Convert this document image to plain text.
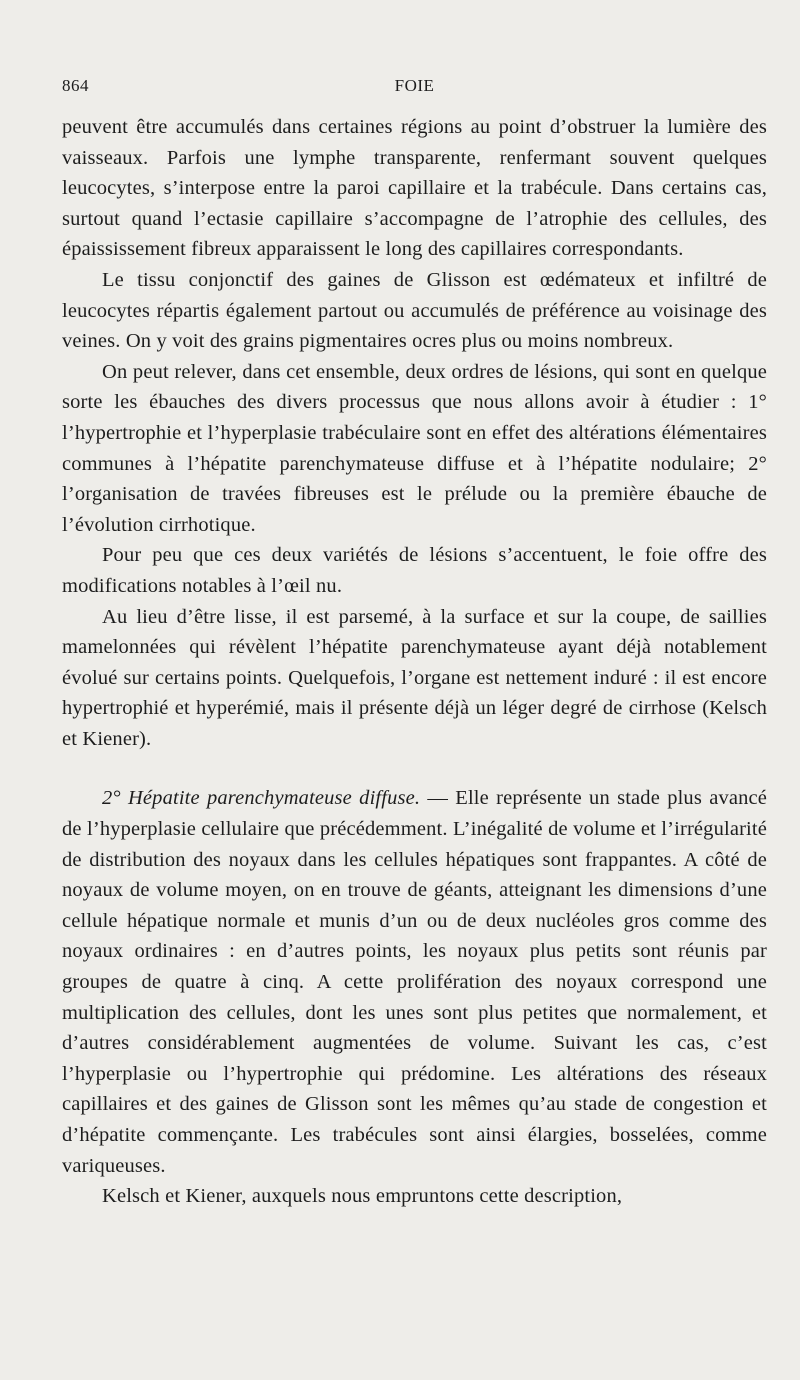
864	FOIE

peuvent être accumulés dans certaines régions au point d’obstruer la lumière des vaisseaux. Parfois une lymphe transparente, renfermant souvent quelques leucocytes, s’interpose entre la paroi capillaire et la trabécule. Dans certains cas, surtout quand l’ectasie capillaire s’accompagne de l’atrophie des cellules, des épaississement fibreux apparaissent le long des capillaires correspondants.

Le tissu conjonctif des gaines de Glisson est œdémateux et infiltré de leucocytes répartis également partout ou accumulés de préférence au voisinage des veines. On y voit des grains pigmentaires ocres plus ou moins nombreux.

On peut relever, dans cet ensemble, deux ordres de lésions, qui sont en quelque sorte les ébauches des divers processus que nous allons avoir à étudier : 1° l’hypertrophie et l’hyperplasie trabéculaire sont en effet des altérations élémentaires communes à l’hépatite parenchymateuse diffuse et à l’hépatite nodulaire; 2° l’organisation de travées fibreuses est le prélude ou la première ébauche de l’évolution cirrhotique.

Pour peu que ces deux variétés de lésions s’accentuent, le foie offre des modifications notables à l’œil nu.

Au lieu d’être lisse, il est parsemé, à la surface et sur la coupe, de saillies mamelonnées qui révèlent l’hépatite parenchymateuse ayant déjà notablement évolué sur certains points. Quelquefois, l’organe est nettement induré : il est encore hypertrophié et hyperémié, mais il présente déjà un léger degré de cirrhose (Kelsch et Kiener).

2° Hépatite parenchymateuse diffuse. — Elle représente un stade plus avancé de l’hyperplasie cellulaire que précédemment. L’inégalité de volume et l’irrégularité de distribution des noyaux dans les cellules hépatiques sont frappantes. A côté de noyaux de volume moyen, on en trouve de géants, atteignant les dimensions d’une cellule hépatique normale et munis d’un ou de deux nucléoles gros comme des noyaux ordinaires : en d’autres points, les noyaux plus petits sont réunis par groupes de quatre à cinq. A cette prolifération des noyaux correspond une multiplication des cellules, dont les unes sont plus petites que normalement, et d’autres considérablement augmentées de volume. Suivant les cas, c’est l’hyperplasie ou l’hypertrophie qui prédomine. Les altérations des réseaux capillaires et des gaines de Glisson sont les mêmes qu’au stade de congestion et d’hépatite commençante. Les trabécules sont ainsi élargies, bosselées, comme variqueuses.

Kelsch et Kiener, auxquels nous empruntons cette description,
